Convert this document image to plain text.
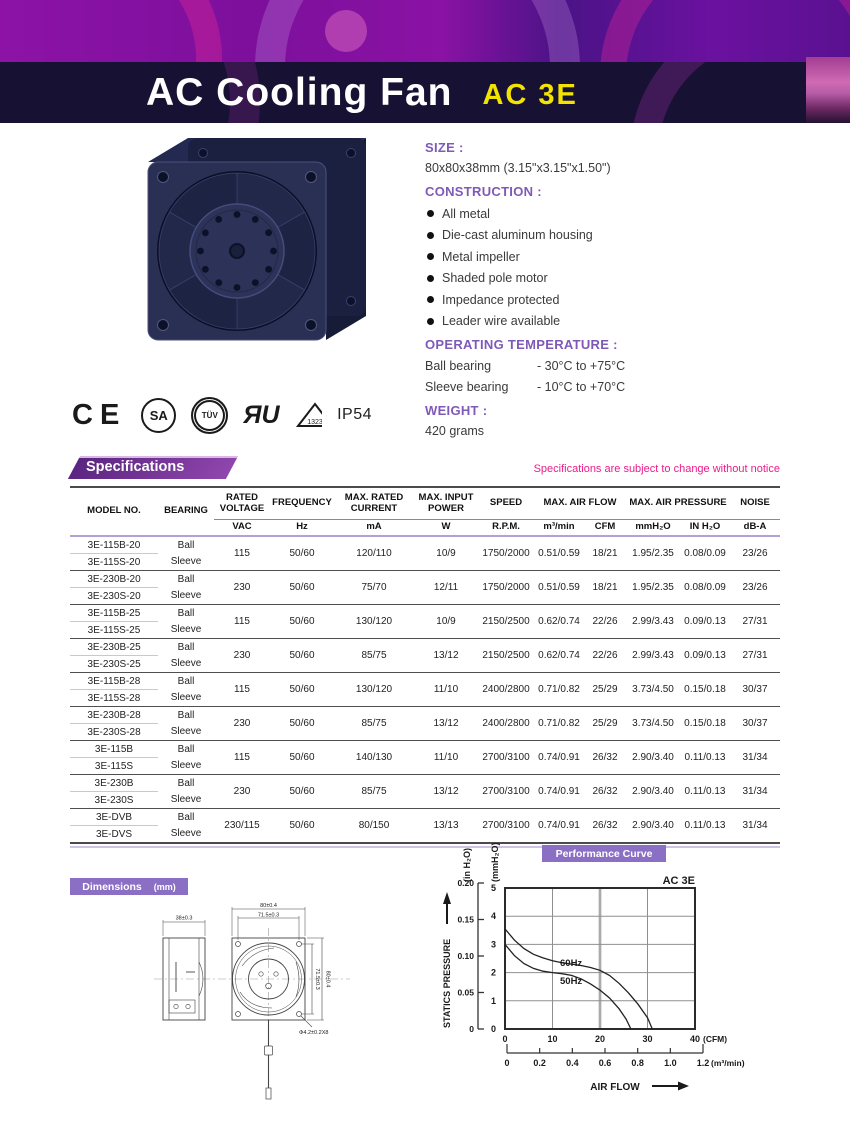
AC Cooling Fan AC 3E
SIZE :
80x80x38mm (3.15"x3.15"x1.50")
CONSTRUCTION :
All metal
Die-cast aluminum housing
Metal impeller
Shaded pole motor
Impedance protected
Leader wire available
OPERATING TEMPERATURE :
Ball bearing	- 30°C to +75°C
Sleeve bearing	- 10°C to +70°C
WEIGHT :
420 grams
CE SA	TÜV ЯU	1323 IP54
Specifications	Specifications are subject to change without notice
MODEL NO.	BEARING	RATED VOLTAGE	FREQUENCY	MAX. RATED CURRENT	MAX. INPUT POWER	SPEED	MAX. AIR FLOW		MAX. AIR PRESSURE		NOISE
		VAC	Hz	mA	W	R.P.M.	m³/min	CFM	mmH₂O	IN H₂O	dB-A
3E-115B-20	Ball	115	50/60	120/110	10/9	1750/2000	0.51/0.59	18/21	1.95/2.35	0.08/0.09	23/26
3E-115S-20	Sleeve										
3E-230B-20	Ball	230	50/60	75/70	12/11	1750/2000	0.51/0.59	18/21	1.95/2.35	0.08/0.09	23/26
3E-230S-20	Sleeve										
3E-115B-25	Ball	115	50/60	130/120	10/9	2150/2500	0.62/0.74	22/26	2.99/3.43	0.09/0.13	27/31
3E-115S-25	Sleeve										
3E-230B-25	Ball	230	50/60	85/75	13/12	2150/2500	0.62/0.74	22/26	2.99/3.43	0.09/0.13	27/31
3E-230S-25	Sleeve										
3E-115B-28	Ball	115	50/60	130/120	11/10	2400/2800	0.71/0.82	25/29	3.73/4.50	0.15/0.18	30/37
3E-115S-28	Sleeve										
3E-230B-28	Ball	230	50/60	85/75	13/12	2400/2800	0.71/0.82	25/29	3.73/4.50	0.15/0.18	30/37
3E-230S-28	Sleeve										
3E-115B	Ball	115	50/60	140/130	11/10	2700/3100	0.74/0.91	26/32	2.90/3.40	0.11/0.13	31/34
3E-115S	Sleeve										
3E-230B	Ball	230	50/60	85/75	13/12	2700/3100	0.74/0.91	26/32	2.90/3.40	0.11/0.13	31/34
3E-230S	Sleeve										
3E-DVB	Ball	230/115	50/60	80/150	13/13	2700/3100	0.74/0.91	26/32	2.90/3.40	0.11/0.13	31/34
3E-DVS	Sleeve										
Dimensions (mm)
38±0.3
80±0.4
71.5±0.3
71.5±0.3 80±0.4
Φ4.2±0.2X8
Performance Curve
AC 3E
5
4
3
2
1
0
0.20
0.15
0.10
0.05
0
(in H₂O) (mmH₂O)
STATICS PRESSURE
0	10	20	30	40 (CFM)
0	0.2 0.4 0.6 0.8 1.0 1.2 (m³/min)
AIR FLOW
60Hz
50Hz
